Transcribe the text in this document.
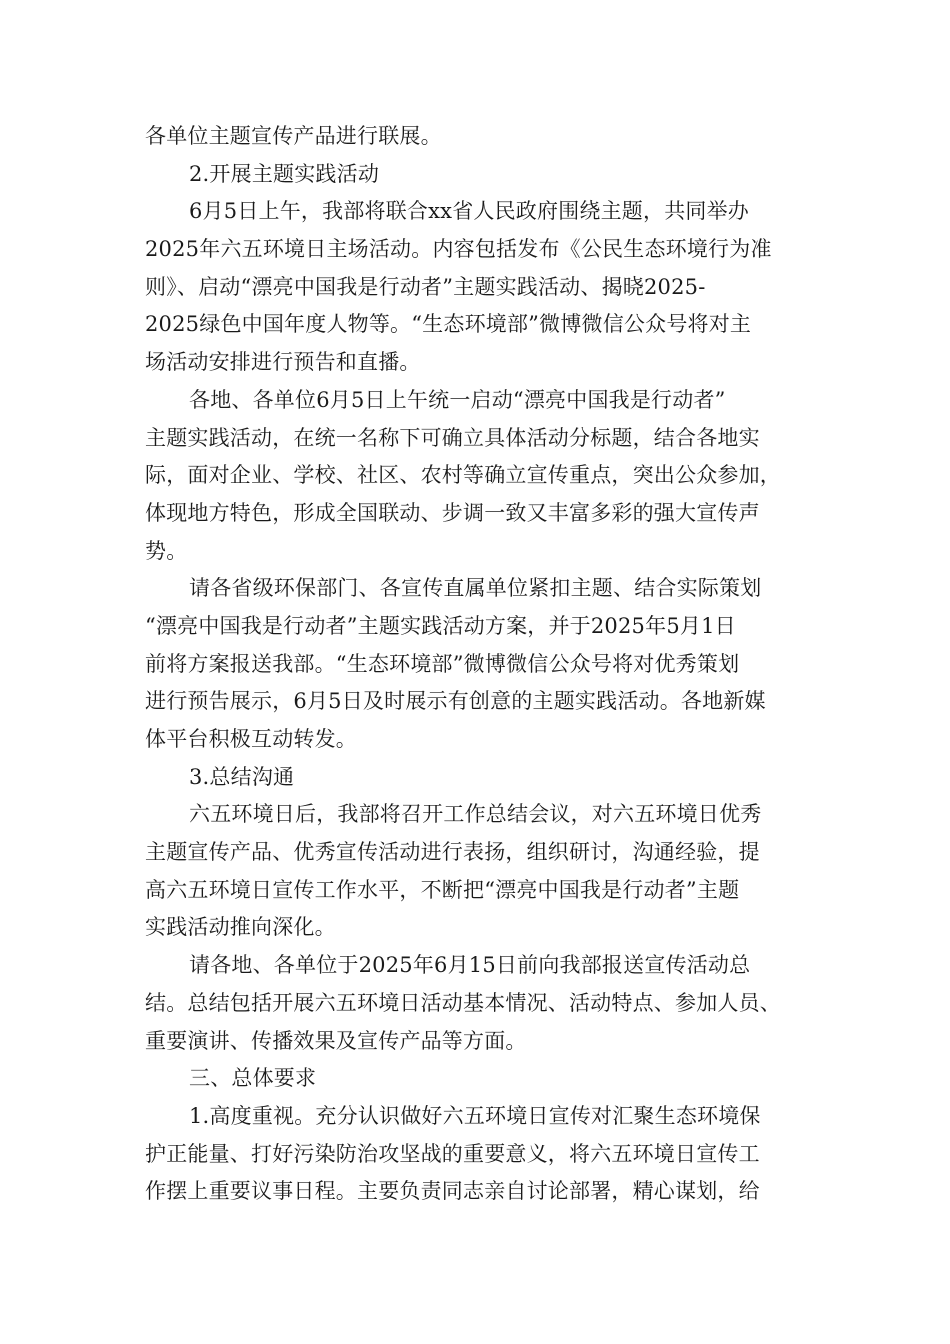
各单位主题宣传产品进行联展。
2.开展主题实践活动
6月5日上午，我部将联合xx省人民政府围绕主题，共同举办
2025年六五环境日主场活动。内容包括发布《公民生态环境行为准
则》、启动“漂亮中国我是行动者”主题实践活动、揭晓2025-
2025绿色中国年度人物等。“生态环境部”微博微信公众号将对主
场活动安排进行预告和直播。
各地、各单位6月5日上午统一启动“漂亮中国我是行动者”
主题实践活动，在统一名称下可确立具体活动分标题，结合各地实
际，面对企业、学校、社区、农村等确立宣传重点，突出公众参加，
体现地方特色，形成全国联动、步调一致又丰富多彩的强大宣传声
势。
请各省级环保部门、各宣传直属单位紧扣主题、结合实际策划
“漂亮中国我是行动者”主题实践活动方案，并于2025年5月1日
前将方案报送我部。“生态环境部”微博微信公众号将对优秀策划
进行预告展示，6月5日及时展示有创意的主题实践活动。各地新媒
体平台积极互动转发。
3.总结沟通
六五环境日后，我部将召开工作总结会议，对六五环境日优秀
主题宣传产品、优秀宣传活动进行表扬，组织研讨，沟通经验，提
高六五环境日宣传工作水平，不断把“漂亮中国我是行动者”主题
实践活动推向深化。
请各地、各单位于2025年6月15日前向我部报送宣传活动总
结。总结包括开展六五环境日活动基本情况、活动特点、参加人员、
重要演讲、传播效果及宣传产品等方面。
三、总体要求
1.高度重视。充分认识做好六五环境日宣传对汇聚生态环境保
护正能量、打好污染防治攻坚战的重要意义，将六五环境日宣传工
作摆上重要议事日程。主要负责同志亲自讨论部署，精心谋划，给
